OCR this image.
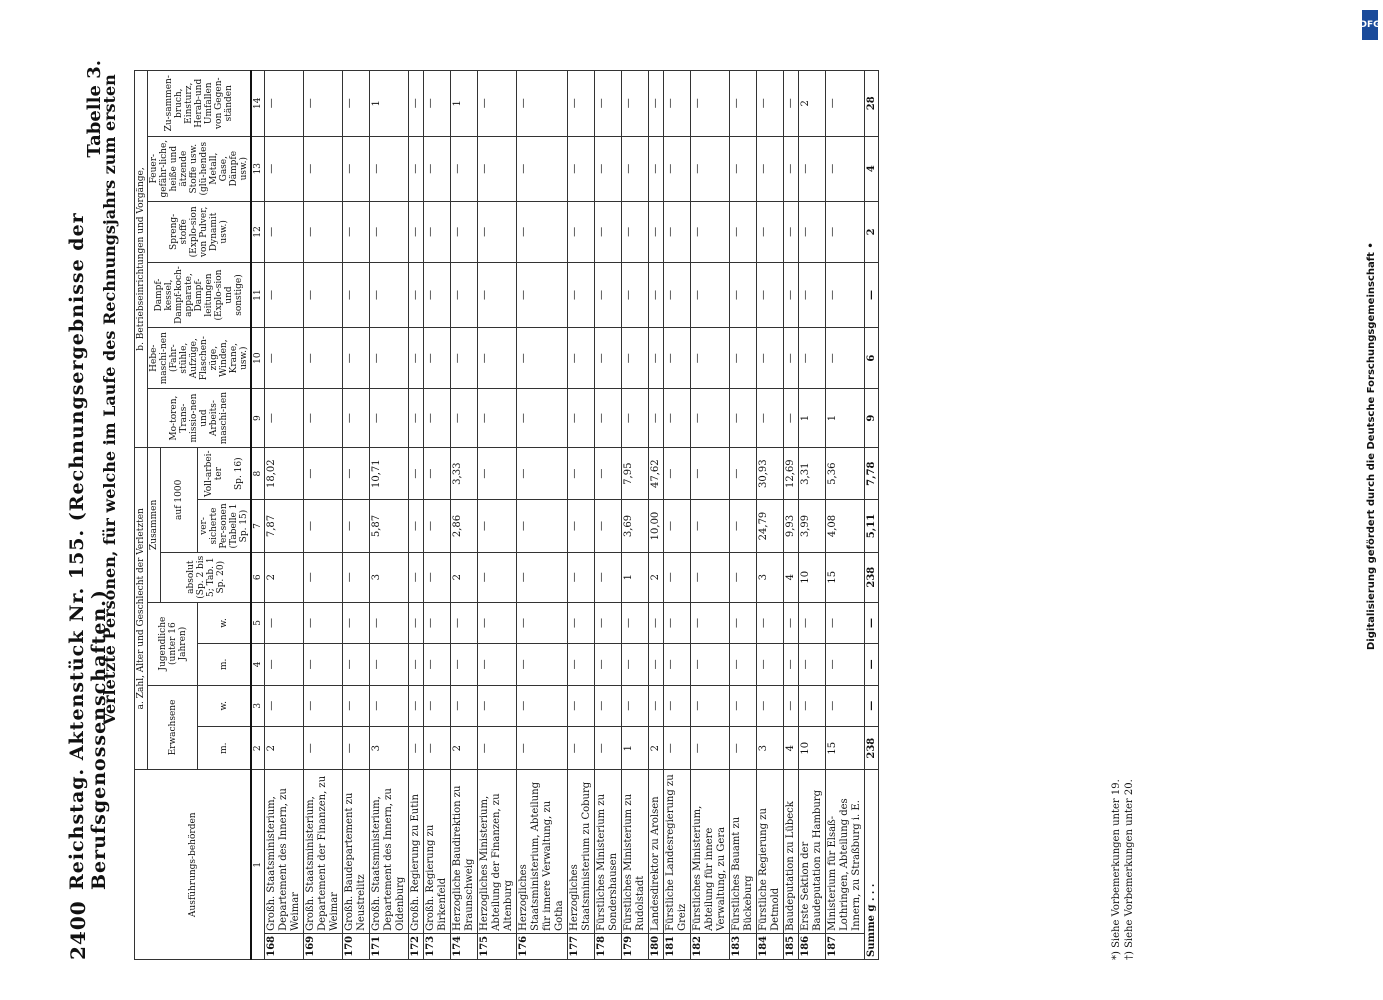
2400
Reichstag. Aktenstück Nr. 155. (Rechnungsergebnisse der Berufsgenossenschaften.)
Tabelle 3.
Verletzte Personen, für welche im Laufe des Rechnungsjahrs zum ersten
Ausführungs-behörden		a. Zahl, Alter und Geschlecht der Verletzten							b. Betriebseinrichtungen und Vorgänge,					
		Erwachsene		Jugendliche (unter 16 Jahren)		Zusammen			Mo-toren, Trans-missio-nen und Arbeits-maschi-nen	Hebe-maschi-nen (Fahr-stühle, Aufzüge, Flaschen-züge, Winden, Krane, usw.)	Dampf-kessel, Dampf-koch-apparate, Dampf-leitungen (Explo-sion und sonstige)	Spreng-stoffe (Explo-sion von Pulver, Dynamit usw.)	Feuer-gefähr-liche, heiße und ätzende Stoffe usw. (glü-hendes Metall, Gase, Dämpfe usw.)	Zu-sammen-bruch, Einsturz, Herab-und Umfallen von Gegen-ständen
						absolut (Sp. 2 bis 5; Tab. 1 Sp. 20)	auf 1000							
		m.	w.	m.	w.		ver-sicherte Per-sonen
(Tabelle 1
Sp. 15)	Voll-arbei-ter Sp. 16)						
1		2	3	4	5	6	7	8	9	10	11	12	13	14
168	Großh. Staatsministerium, Departement des Innern, zu Weimar	2	—	—	—	2	7,87	18,02	—	—	—	—	—	—
169	Großh. Staatsministerium, Departement der Finanzen, zu Weimar	—	—	—	—	—	—	—	—	—	—	—	—	—
170	Großh. Baudepartement zu Neustrelitz	—	—	—	—	—	—	—	—	—	—	—	—	—
171	Großh. Staatsministerium, Departement des Innern, zu Oldenburg	3	—	—	—	3	5,87	10,71	—	—	—	—	—	1
172	Großh. Regierung zu Eutin	—	—	—	—	—	—	—	—	—	—	—	—	—
173	Großh. Regierung zu Birkenfeld	—	—	—	—	—	—	—	—	—	—	—	—	—
174	Herzogliche Baudirektion zu Braunschweig	2	—	—	—	2	2,86	3,33	—	—	—	—	—	1
175	Herzogliches Ministerium, Abteilung der Finanzen, zu Altenburg	—	—	—	—	—	—	—	—	—	—	—	—	—
176	Herzogliches Staatsministerium, Abteilung für innere Verwaltung, zu Gotha	—	—	—	—	—	—	—	—	—	—	—	—	—
177	Herzogliches Staatsministerium zu Coburg	—	—	—	—	—	—	—	—	—	—	—	—	—
178	Fürstliches Ministerium zu Sondershausen	—	—	—	—	—	—	—	—	—	—	—	—	—
179	Fürstliches Ministerium zu Rudolstadt	1	—	—	—	1	3,69	7,95	—	—	—	—	—	—
180	Landesdirektor zu Arolsen	2	—	—	—	2	10,00	47,62	—	—	—	—	—	—
181	Fürstliche Landesregierung zu Greiz	—	—	—	—	—	—	—	—	—	—	—	—	—
182	Fürstliches Ministerium, Abteilung für innere Verwaltung, zu Gera	—	—	—	—	—	—	—	—	—	—	—	—	—
183	Fürstliches Bauamt zu Bückeburg	—	—	—	—	—	—	—	—	—	—	—	—	—
184	Fürstliche Regierung zu Detmold	3	—	—	—	3	24,79	30,93	—	—	—	—	—	—
185	Baudeputation zu Lübeck	4	—	—	—	4	9,93	12,69	—	—	—	—	—	—
186	Erste Sektion der Baudeputation zu Hamburg	10	—	—	—	10	3,99	3,31	1	—	—	—	—	2
187	Ministerium für Elsaß-Lothringen, Abteilung des Innern, zu Straßburg i. E.	15	—	—	—	15	4,08	5,36	1	—	—	—	—	—
Summe g . . .		238	—	—	—	238	5,11	7,78	9	6	—	2	4	28
*) Siehe Vorbemerkungen unter 19. †) Siehe Vorbemerkungen unter 20.
DFG
Digitalisierung gefördert durch die Deutsche Forschungsgemeinschaft •
